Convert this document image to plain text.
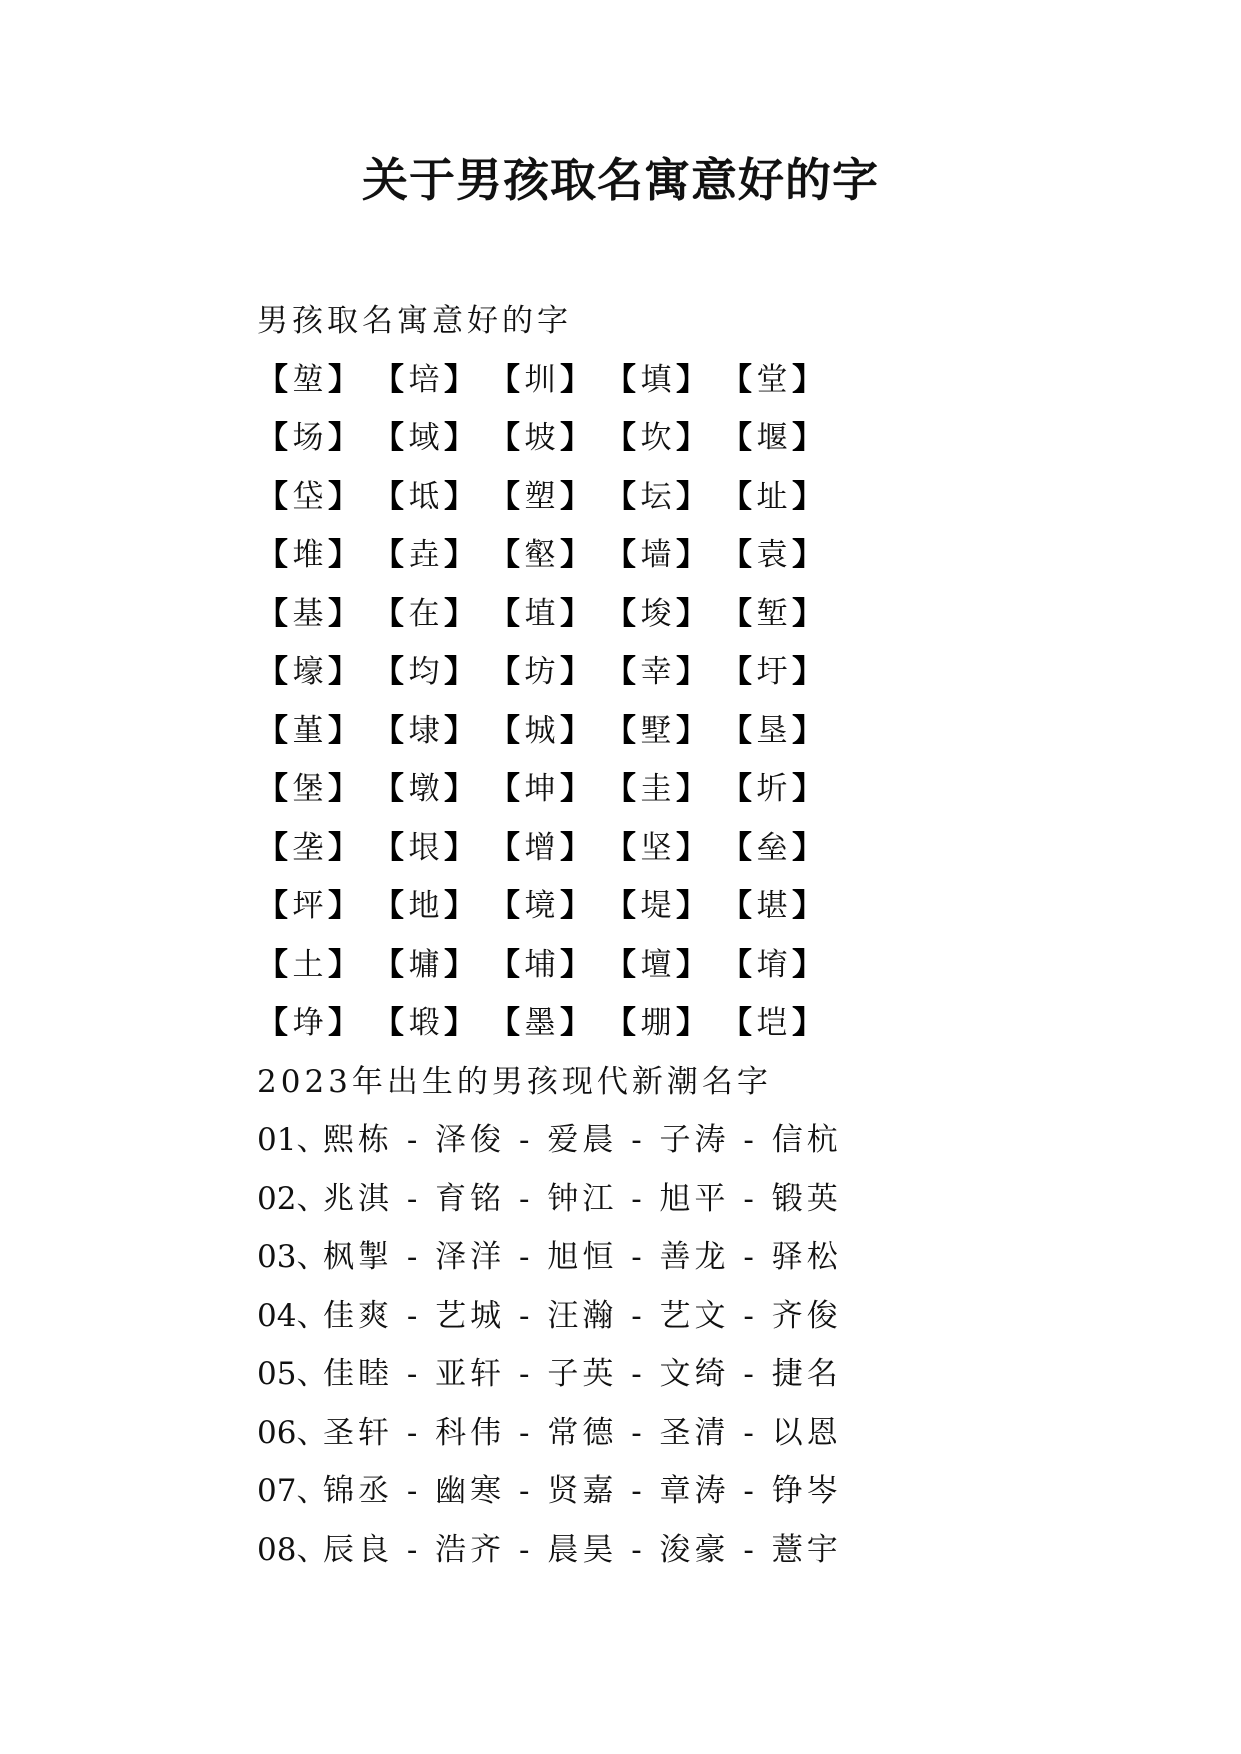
关于男孩取名寓意好的字
男孩取名寓意好的字
【 堃 】 【 培 】 【 圳 】 【 填 】 【 堂 】
【 场 】 【 域 】 【 坡 】 【 坎 】 【 堰 】
【 垈 】 【 坻 】 【 塑 】 【 坛 】 【 址 】
【 堆 】 【 垚 】 【 壑 】 【 墙 】 【 袁 】
【 基 】 【 在 】 【 埴 】 【 埈 】 【 堑 】
【 壕 】 【 均 】 【 坊 】 【 幸 】 【 圩 】
【 堇 】 【 埭 】 【 城 】 【 墅 】 【 垦 】
【 堡 】 【 墩 】 【 坤 】 【 圭 】 【 圻 】
【 垄 】 【 垠 】 【 增 】 【 坚 】 【 垒 】
【 坪 】 【 地 】 【 境 】 【 堤 】 【 堪 】
【 土 】 【 墉 】 【 埔 】 【 壇 】 【 堉 】
【 埩 】 【 塅 】 【 墨 】 【 堋 】 【 垲 】
2023年出生的男孩现代新潮名字
01、
熙栋 - 泽俊 - 爱晨 - 子涛 - 信杭
02、
兆淇 - 育铭 - 钟江 - 旭平 - 锻英
03、
枫掣 - 泽洋 - 旭恒 - 善龙 - 驿松
04、
佳爽 - 艺城 - 汪瀚 - 艺文 - 齐俊
05、
佳睦 - 亚轩 - 子英 - 文绮 - 捷名
06、
圣轩 - 科伟 - 常德 - 圣清 - 以恩
07、
锦丞 - 幽寒 - 贤嘉 - 章涛 - 铮岑
08、
辰良 - 浩齐 - 晨昊 - 浚豪 - 薏宇
